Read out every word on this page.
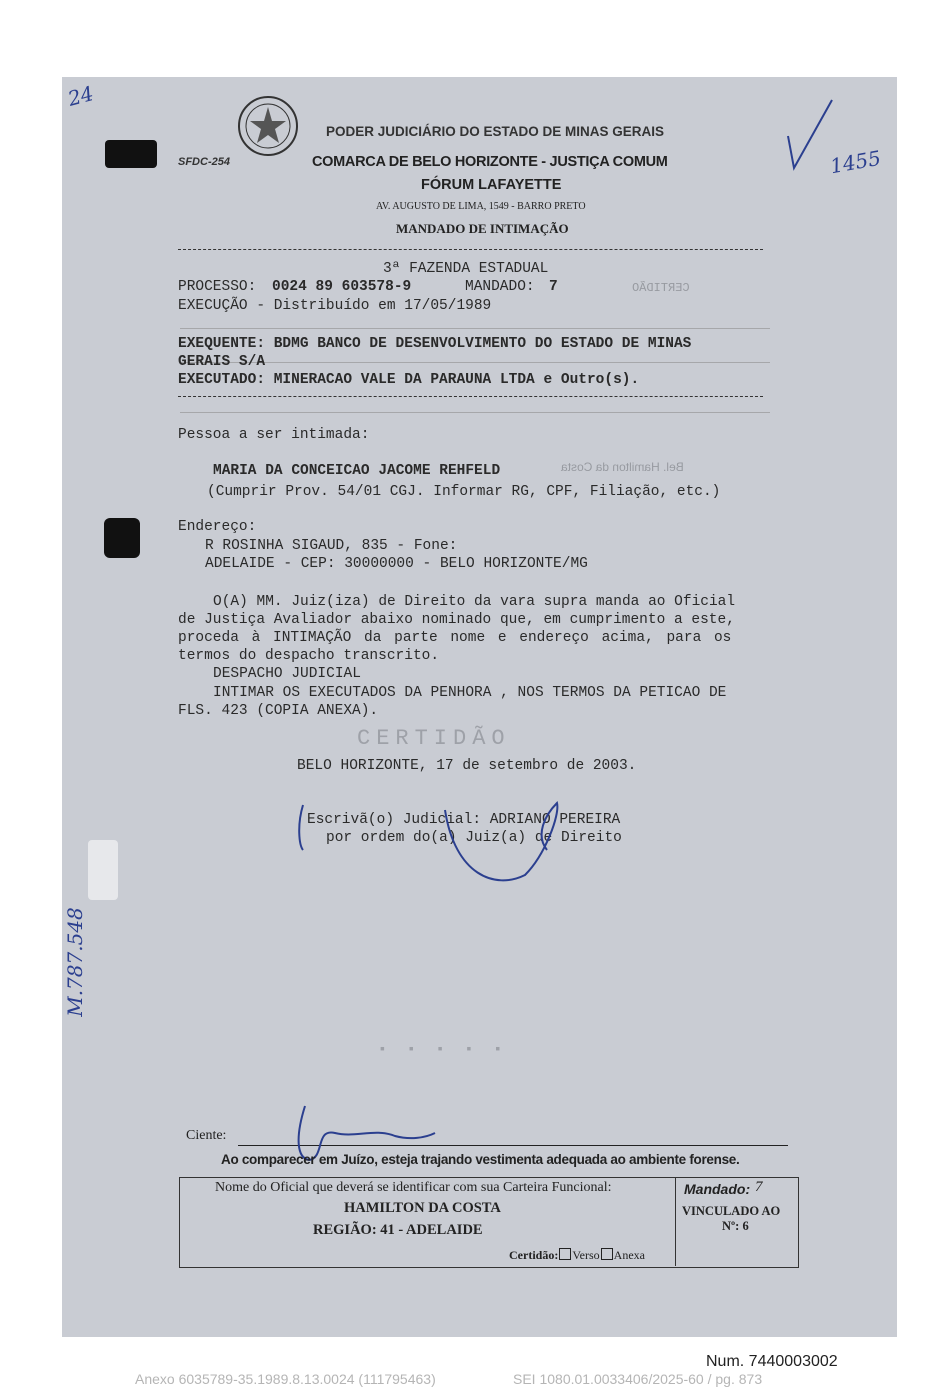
24
1455
M.787.548
PODER JUDICIÁRIO DO ESTADO DE MINAS GERAIS
SFDC-254	COMARCA DE BELO HORIZONTE - JUSTIÇA COMUM
FÓRUM LAFAYETTE
AV. AUGUSTO DE LIMA, 1549 - BARRO PRETO
MANDADO DE INTIMAÇÃO
3ª FAZENDA ESTADUAL
PROCESSO: 0024 89 603578-9	MANDADO: 7	CERTIDÃO
EXECUÇÃO - Distribuído em 17/05/1989
EXEQUENTE: BDMG BANCO DE DESENVOLVIMENTO DO ESTADO DE MINAS
GERAIS S/A
EXECUTADO: MINERACAO VALE DA PARAUNA LTDA e Outro(s).
Pessoa a ser intimada:
MARIA DA CONCEICAO JACOME REHFELD	Bel. Hamilton da Costa
(Cumprir Prov. 54/01 CGJ. Informar RG, CPF, Filiação, etc.)
Endereço:
R ROSINHA SIGAUD, 835 - Fone:
ADELAIDE - CEP: 30000000 - BELO HORIZONTE/MG
O(A) MM. Juiz(iza) de Direito da vara supra manda ao Oficial
de Justiça Avaliador abaixo nominado que, em cumprimento a este,
proceda à INTIMAÇÃO da parte nome e endereço acima, para os
termos do despacho transcrito.
DESPACHO JUDICIAL
INTIMAR OS EXECUTADOS DA PENHORA , NOS TERMOS DA PETICAO DE
FLS. 423 (COPIA ANEXA).
CERTIDÃO
BELO HORIZONTE, 17 de setembro de 2003.
Escrivã(o) Judicial: ADRIANO PEREIRA
por ordem do(a) Juiz(a) de Direito
▪ ▪ ▪ ▪ ▪
Ciente:
Ao comparecer em Juízo, esteja trajando vestimenta adequada ao ambiente forense.
Nome do Oficial que deverá se identificar com sua Carteira Funcional:
HAMILTON DA COSTA
REGIÃO: 41 - ADELAIDE
Certidão: Verso Anexa
Mandado: 7
VINCULADO AO
Nº: 6
Num. 7440003002
Anexo 6035789-35.1989.8.13.0024 (111795463)	SEI 1080.01.0033406/2025-60 / pg. 873
